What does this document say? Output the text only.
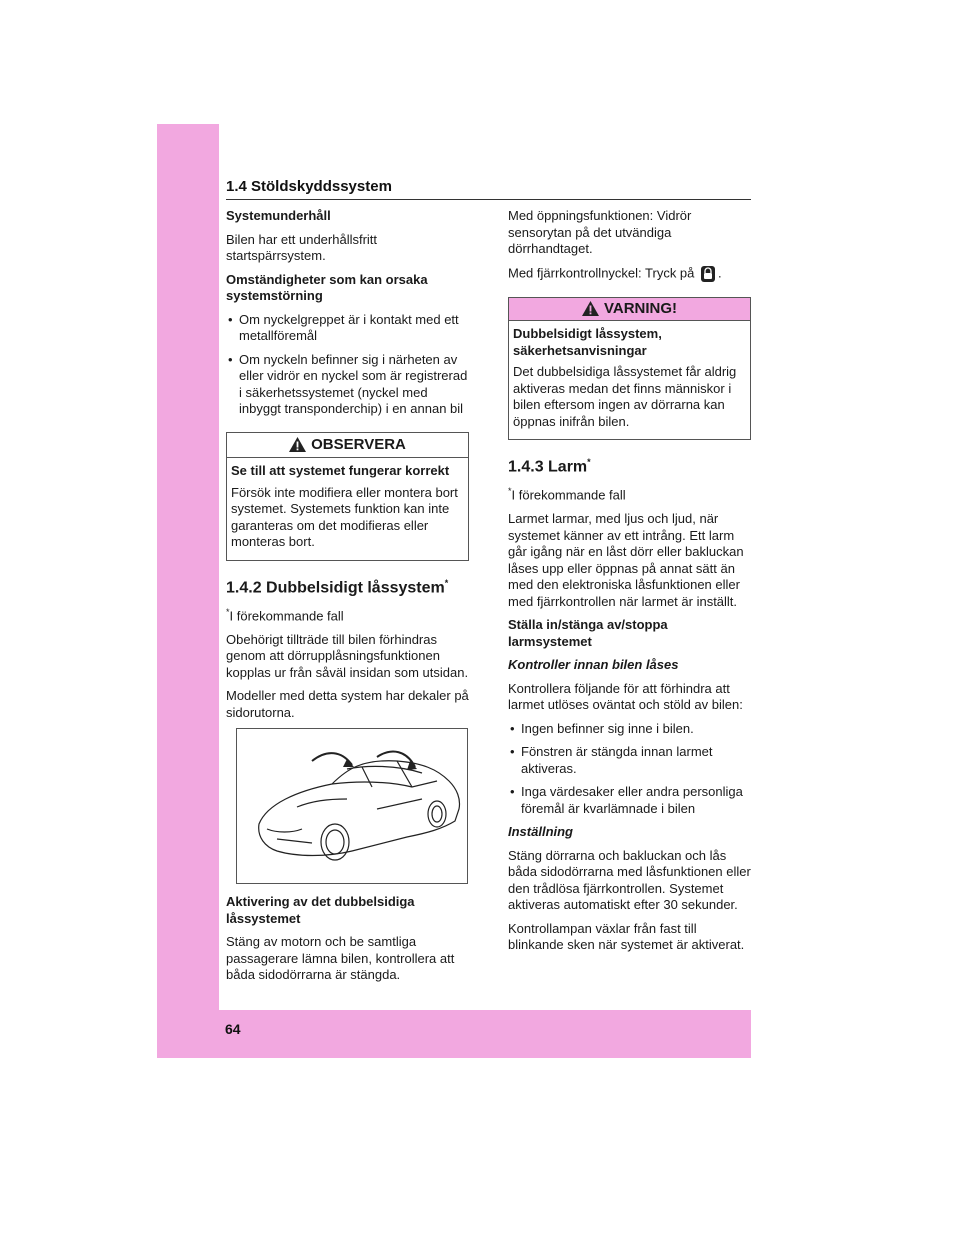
64
1.4 Stöldskyddssystem

Systemunderhåll

Bilen har ett underhållsfritt startspärrsystem.

Omständigheter som kan orsaka systemstörning

• Om nyckelgreppet är i kontakt med ett metallföremål
• Om nyckeln befinner sig i närheten av eller vidrör en nyckel som är registrerad i säkerhetssystemet (nyckel med inbyggt transponderchip) i en annan bil
OBSERVERA

Se till att systemet fungerar korrekt

Försök inte modifiera eller montera bort systemet. Systemets funktion kan inte garanteras om det modifieras eller monteras bort.

1.4.2 Dubbelsidigt låssystem*

*I förekommande fall

Obehörigt tillträde till bilen förhindras genom att dörrupplåsningsfunktionen kopplas ur från såväl insidan som utsidan.

Modeller med detta system har dekaler på sidorutorna.

Aktivering av det dubbelsidiga låssystemet

Stäng av motorn och be samtliga passagerare lämna bilen, kontrollera att båda sidodörrarna är stängda.

Med öppningsfunktionen: Vidrör sensorytan på det utvändiga dörrhandtaget.

Med fjärrkontrollnyckel: Tryck på .

VARNING!

Dubbelsidigt låssystem, säkerhetsanvisningar

Det dubbelsidiga låssystemet får aldrig aktiveras medan det finns människor i bilen eftersom ingen av dörrarna kan öppnas inifrån bilen.

1.4.3 Larm*

*I förekommande fall

Larmet larmar, med ljus och ljud, när systemet känner av ett intrång. Ett larm går igång när en låst dörr eller bakluckan låses upp eller öppnas på annat sätt än med den elektroniska låsfunktionen eller med fjärrkontrollen när larmet är inställt.

Ställa in/stänga av/stoppa larmsystemet

Kontroller innan bilen låses

Kontrollera följande för att förhindra att larmet utlöses oväntat och stöld av bilen:

• Ingen befinner sig inne i bilen.
• Fönstren är stängda innan larmet aktiveras.
• Inga värdesaker eller andra personliga föremål är kvarlämnade i bilen

Inställning

Stäng dörrarna och bakluckan och lås båda sidodörrarna med låsfunktionen eller den trådlösa fjärrkontrollen. Systemet aktiveras automatiskt efter 30 sekunder.

Kontrollampan växlar från fast till blinkande sken när systemet är aktiverat.
